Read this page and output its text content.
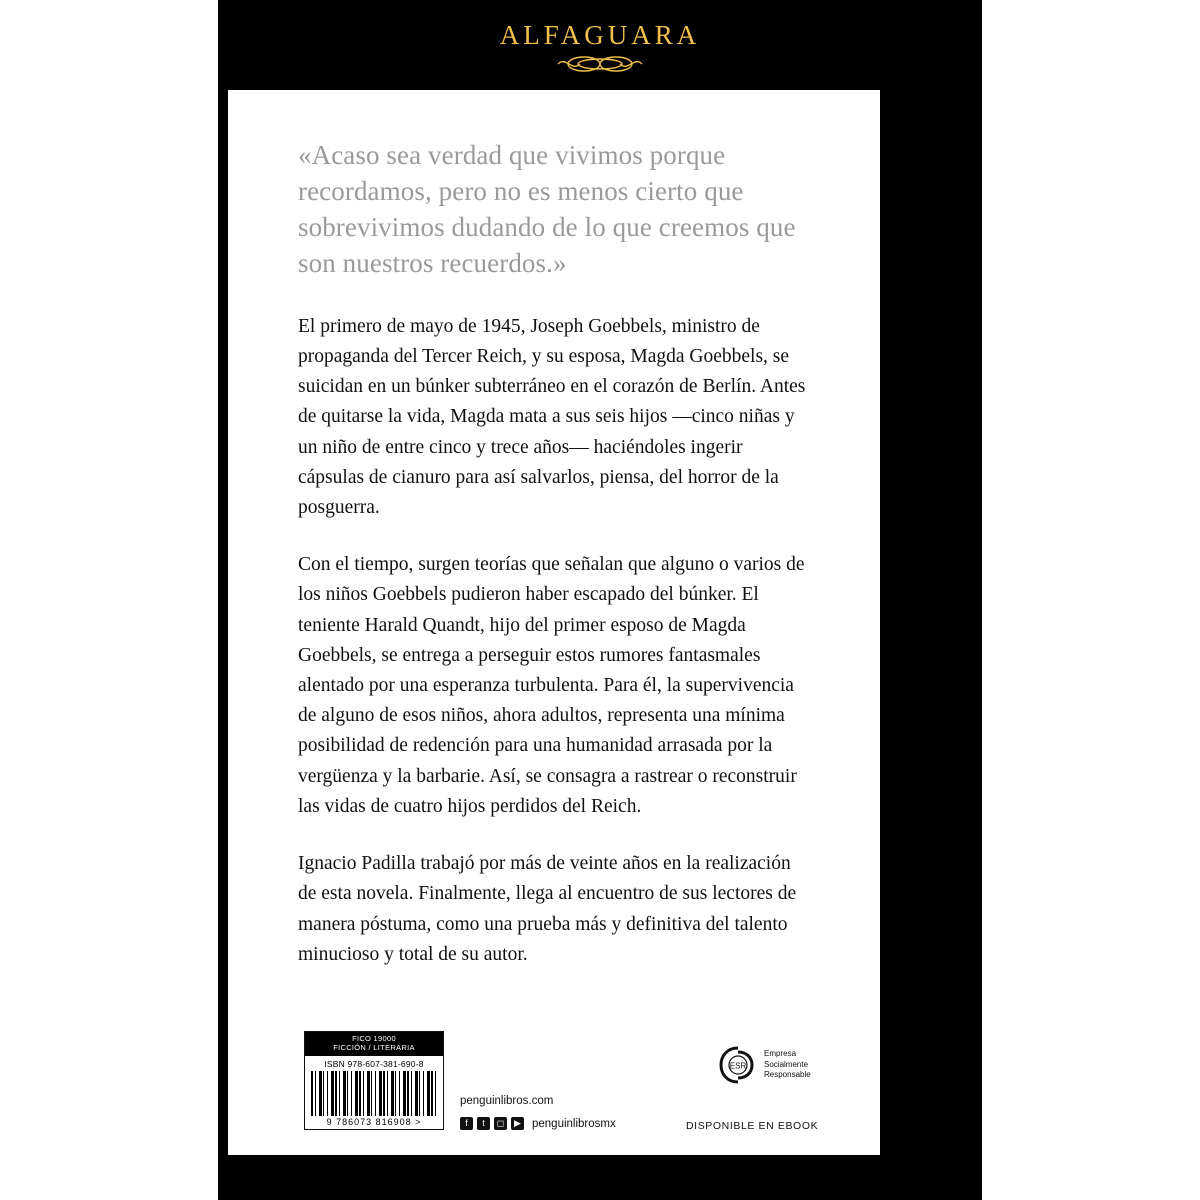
ALFAGUARA

«Acaso sea verdad que vivimos porque recordamos, pero no es menos cierto que sobrevivimos dudando de lo que creemos que son nuestros recuerdos.»

El primero de mayo de 1945, Joseph Goebbels, ministro de propaganda del Tercer Reich, y su esposa, Magda Goebbels, se suicidan en un búnker subterráneo en el corazón de Berlín. Antes de quitarse la vida, Magda mata a sus seis hijos —cinco niñas y un niño de entre cinco y trece años— haciéndoles ingerir cápsulas de cianuro para así salvarlos, piensa, del horror de la posguerra.

Con el tiempo, surgen teorías que señalan que alguno o varios de los niños Goebbels pudieron haber escapado del búnker. El teniente Harald Quandt, hijo del primer esposo de Magda Goebbels, se entrega a perseguir estos rumores fantasmales alentado por una esperanza turbulenta. Para él, la supervivencia de alguno de esos niños, ahora adultos, representa una mínima posibilidad de redención para una humanidad arrasada por la vergüenza y la barbarie. Así, se consagra a rastrear o reconstruir las vidas de cuatro hijos perdidos del Reich.

Ignacio Padilla trabajó por más de veinte años en la realización de esta novela. Finalmente, llega al encuentro de sus lectores de manera póstuma, como una prueba más y definitiva del talento minucioso y total de su autor.

FICO 19000
FICCIÓN / LITERARIA
ISBN 978-607-381-690-8
9 786073 816908 >
penguinlibros.com
f	t	◻	▶ penguinlibrosmx
ESR
Empresa
Socialmente
Responsable
DISPONIBLE EN EBOOK
